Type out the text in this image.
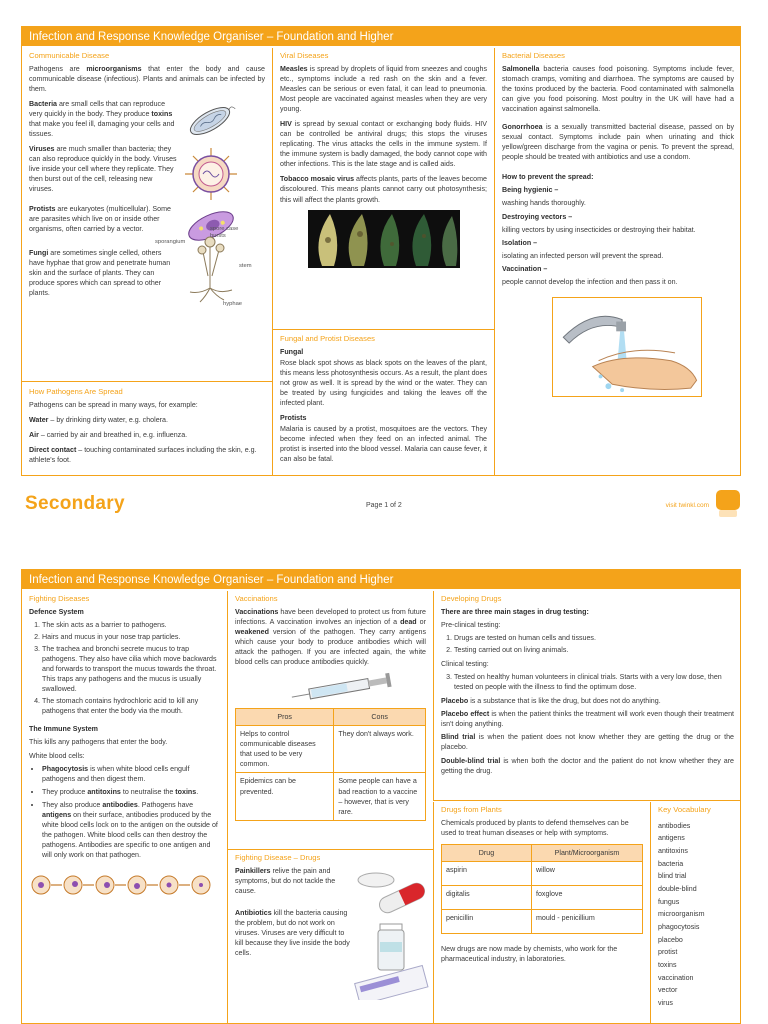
Infection and Response Knowledge Organiser – Foundation and Higher
Communicable Disease

Pathogens are microorganisms that enter the body and cause communicable disease (infectious). Plants and animals can be infected by them.

Bacteria are small cells that can reproduce very quickly in the body. They produce toxins that make you feel ill, damaging your cells and tissues.

Viruses are much smaller than bacteria; they can also reproduce quickly in the body. Viruses live inside your cell where they replicate. They then burst out of the cell, releasing new viruses.

Protists are eukaryotes (multicellular). Some are parasites which live on or inside other organisms, often carried by a vector.

Fungi are sometimes single celled, others have hyphae that grow and penetrate human skin and the surface of plants. They can produce spores which can spread to other plants.

spore case bursts
sporangium
stem
hyphae
How Pathogens Are Spread

Pathogens can be spread in many ways, for example:

Water – by drinking dirty water, e.g. cholera.

Air – carried by air and breathed in, e.g. influenza.

Direct contact – touching contaminated surfaces including the skin, e.g. athlete's foot.

Viral Diseases

Measles is spread by droplets of liquid from sneezes and coughs etc., symptoms include a red rash on the skin and a fever. Measles can be serious or even fatal, it can lead to pneumonia. Most people are vaccinated against measles when they are very young.

HIV is spread by sexual contact or exchanging body fluids. HIV can be controlled be antiviral drugs; this stops the viruses replicating. The virus attacks the cells in the immune system. If the immune system is badly damaged, the body cannot cope with other infections. This is the late stage and is called aids.

Tobacco mosaic virus affects plants, parts of the leaves become discoloured. This means plants cannot carry out photosynthesis; this will affect the plants growth.

Fungal and Protist Diseases

Fungal

Rose black spot shows as black spots on the leaves of the plant, this means less photosynthesis occurs. As a result, the plant does not grow as well. It is spread by the wind or the water. They can be treated by using fungicides and taking the leaves off the infected plant.

Protists

Malaria is caused by a protist, mosquitoes are the vectors. They become infected when they feed on an infected animal. The protist is inserted into the blood vessel. Malaria can cause fever, it can also be fatal.

Bacterial Diseases

Salmonella bacteria causes food poisoning. Symptoms include fever, stomach cramps, vomiting and diarrhoea. The symptoms are caused by the toxins produced by the bacteria. Food contaminated with salmonella can give you food poisoning. Most poultry in the UK will have had a vaccination against salmonella.

Gonorrhoea is a sexually transmitted bacterial disease, passed on by sexual contact. Symptoms include pain when urinating and thick yellow/green discharge from the vagina or penis. To prevent the spread, people should be treated with antibiotics and use a condom.

How to prevent the spread:

Being hygienic –

washing hands thoroughly.

Destroying vectors –

killing vectors by using insecticides or destroying their habitat.

Isolation –

isolating an infected person will prevent the spread.

Vaccination –

people cannot develop the infection and then pass it on.

Secondary	Page 1 of 2	visit twinkl.com
Infection and Response Knowledge Organiser – Foundation and Higher
Fighting Diseases

Defence System

1. The skin acts as a barrier to pathogens.
2. Hairs and mucus in your nose trap particles.
3. The trachea and bronchi secrete mucus to trap pathogens. They also have cilia which move backwards and forwards to transport the mucus towards the throat. This traps any pathogens and the mucus is usually swallowed.
4. The stomach contains hydrochloric acid to kill any pathogens that enter the body via the mouth.

The Immune System

This kills any pathogens that enter the body.

White blood cells:

• Phagocytosis is when white blood cells engulf pathogens and then digest them.
• They produce antitoxins to neutralise the toxins.
• They also produce antibodies. Pathogens have antigens on their surface, antibodies produced by the white blood cells lock on to the antigen on the outside of the pathogen. White blood cells can then destroy the pathogens. Antibodies are specific to one antigen and will only work on that pathogen.
Vaccinations

Vaccinations have been developed to protect us from future infections. A vaccination involves an injection of a dead or weakened version of the pathogen. They carry antigens which cause your body to produce antibodies which will attack the pathogen. If you are infected again, the white blood cells can produce antibodies quickly.

Pros	Cons
Helps to control communicable diseases that used to be very common.	They don't always work.
Epidemics can be prevented.	Some people can have a bad reaction to a vaccine – however, that is very rare.
Fighting Disease – Drugs

Painkillers relive the pain and symptoms, but do not tackle the cause.

Antibiotics kill the bacteria causing the problem, but do not work on viruses. Viruses are very difficult to kill because they live inside the body cells.

Developing Drugs

There are three main stages in drug testing:

Pre-clinical testing:

1. Drugs are tested on human cells and tissues.
2. Testing carried out on living animals.

Clinical testing:

3. Tested on healthy human volunteers in clinical trials. Starts with a very low dose, then tested on people with the illness to find the optimum dose.

Placebo is a substance that is like the drug, but does not do anything.

Placebo effect is when the patient thinks the treatment will work even though their treatment isn't doing anything.

Blind trial is when the patient does not know whether they are getting the drug or the placebo.

Double-blind trial is when both the doctor and the patient do not know whether they are getting the drug.

Drugs from Plants

Chemicals produced by plants to defend themselves can be used to treat human diseases or help with symptoms.

Drug	Plant/Microorganism
aspirin	willow
digitalis	foxglove
penicillin	mould - penicillium

New drugs are now made by chemists, who work for the pharmaceutical industry, in laboratories.

Key Vocabulary
antibodies
antigens
antitoxins
bacteria
blind trial
double-blind
fungus
microorganism
phagocytosis
placebo
protist
toxins
vaccination
vector
virus
